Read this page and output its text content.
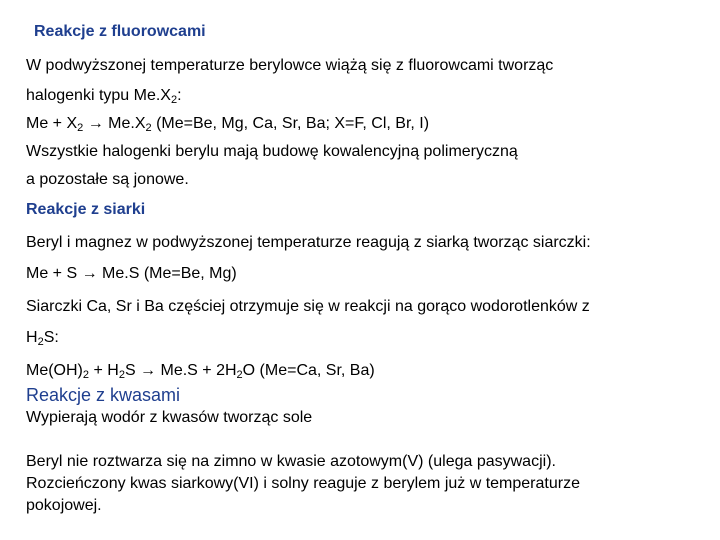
Reakcje z fluorowcami
W podwyższonej temperaturze berylowce wiążą się z fluorowcami tworząc
halogenki typu $Me.X_2$:
$Me + X_2 \to Me.X_2$ (Me=Be, Mg, Ca, Sr, Ba; X=F, Cl, Br, I)
Wszystkie halogenki berylu mają budowę kowalencyjną polimeryczną
a pozostałe są jonowe.
Reakcje z siarki
Beryl i magnez w podwyższonej temperaturze reagują z siarką tworząc siarczki:
Me + S → Me.S (Me=Be, Mg)
Siarczki Ca, Sr i Ba częściej otrzymuje się w reakcji na gorąco wodorotlenków z
$H_2S$:
$Me(OH)_2 + H_2S \to Me.S + 2H_2O$ (Me=Ca, Sr, Ba)
Reakcje z kwasami
Wypierają wodór z kwasów tworząc sole
Beryl nie roztwarza się na zimno w kwasie azotowym(V) (ulega pasywacji).
Rozcieńczony kwas siarkowy(VI) i solny reaguje z berylem już w temperaturze
pokojowej.
